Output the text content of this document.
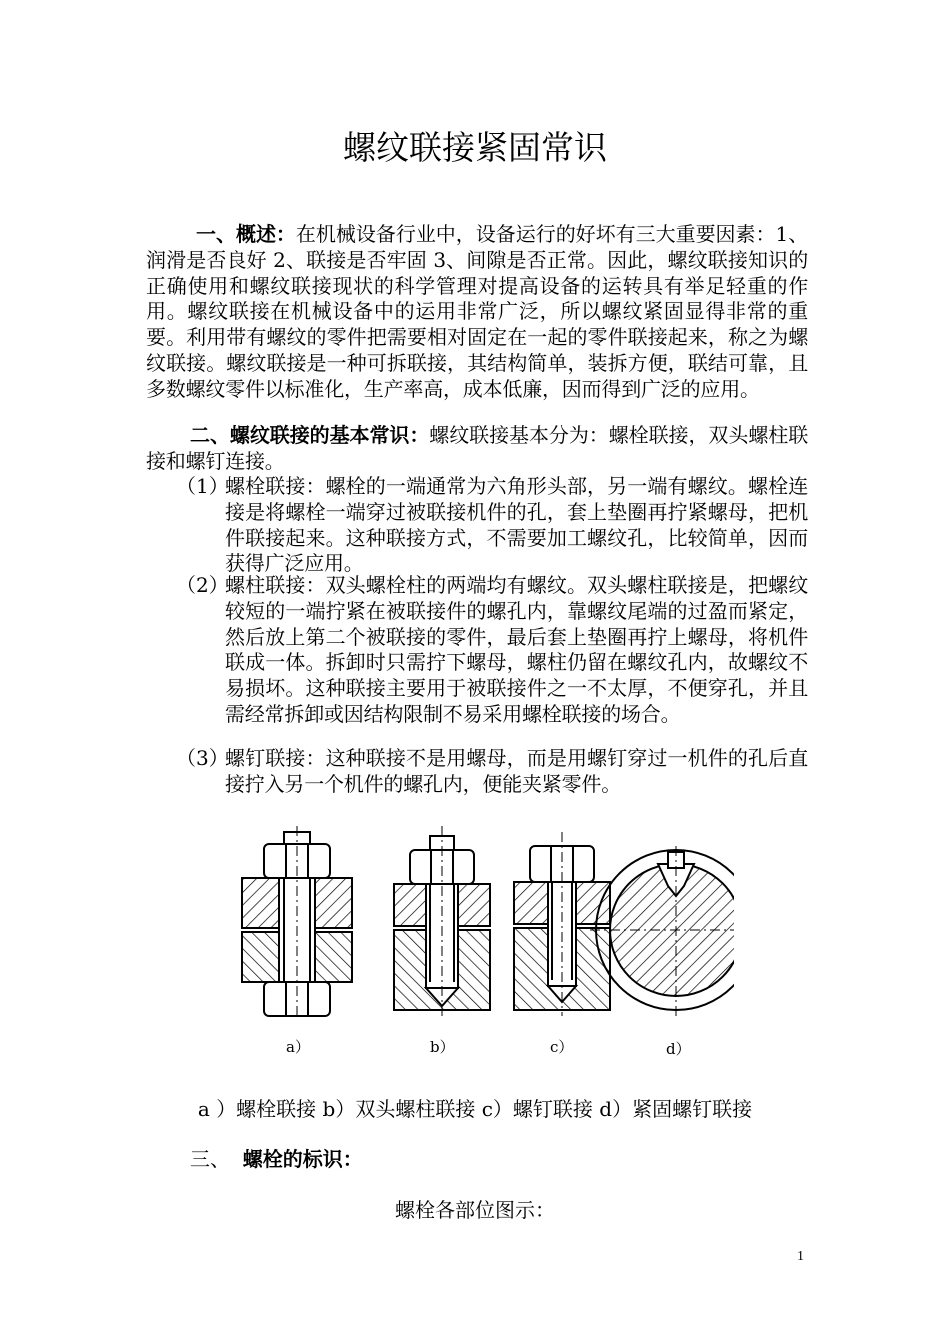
螺纹联接紧固常识
一、概述：在机械设备行业中，设备运行的好坏有三大重要因素：1、润滑是否良好 2、联接是否牢固 3、间隙是否正常。因此，螺纹联接知识的正确使用和螺纹联接现状的科学管理对提高设备的运转具有举足轻重的作用。螺纹联接在机械设备中的运用非常广泛，所以螺纹紧固显得非常的重要。利用带有螺纹的零件把需要相对固定在一起的零件联接起来，称之为螺纹联接。螺纹联接是一种可拆联接，其结构简单，装拆方便，联结可靠，且多数螺纹零件以标准化，生产率高，成本低廉，因而得到广泛的应用。
二、螺纹联接的基本常识：螺纹联接基本分为：螺栓联接，双头螺柱联接和螺钉连接。
（1）
螺栓联接：螺栓的一端通常为六角形头部，另一端有螺纹。螺栓连接是将螺栓一端穿过被联接机件的孔，套上垫圈再拧紧螺母，把机件联接起来。这种联接方式，不需要加工螺纹孔，比较简单，因而获得广泛应用。
（2）
螺柱联接：双头螺栓柱的两端均有螺纹。双头螺柱联接是，把螺纹较短的一端拧紧在被联接件的螺孔内，靠螺纹尾端的过盈而紧定，然后放上第二个被联接的零件，最后套上垫圈再拧上螺母，将机件联成一体。拆卸时只需拧下螺母，螺柱仍留在螺纹孔内，故螺纹不易损坏。这种联接主要用于被联接件之一不太厚，不便穿孔，并且需经常拆卸或因结构限制不易采用螺栓联接的场合。
（3）
螺钉联接：这种联接不是用螺母，而是用螺钉穿过一机件的孔后直接拧入另一个机件的螺孔内，便能夹紧零件。
a）	b）	c）	d）
a ）螺栓联接 b）双头螺柱联接 c）螺钉联接 d）紧固螺钉联接
三、 螺栓的标识：
螺栓各部位图示：
1
